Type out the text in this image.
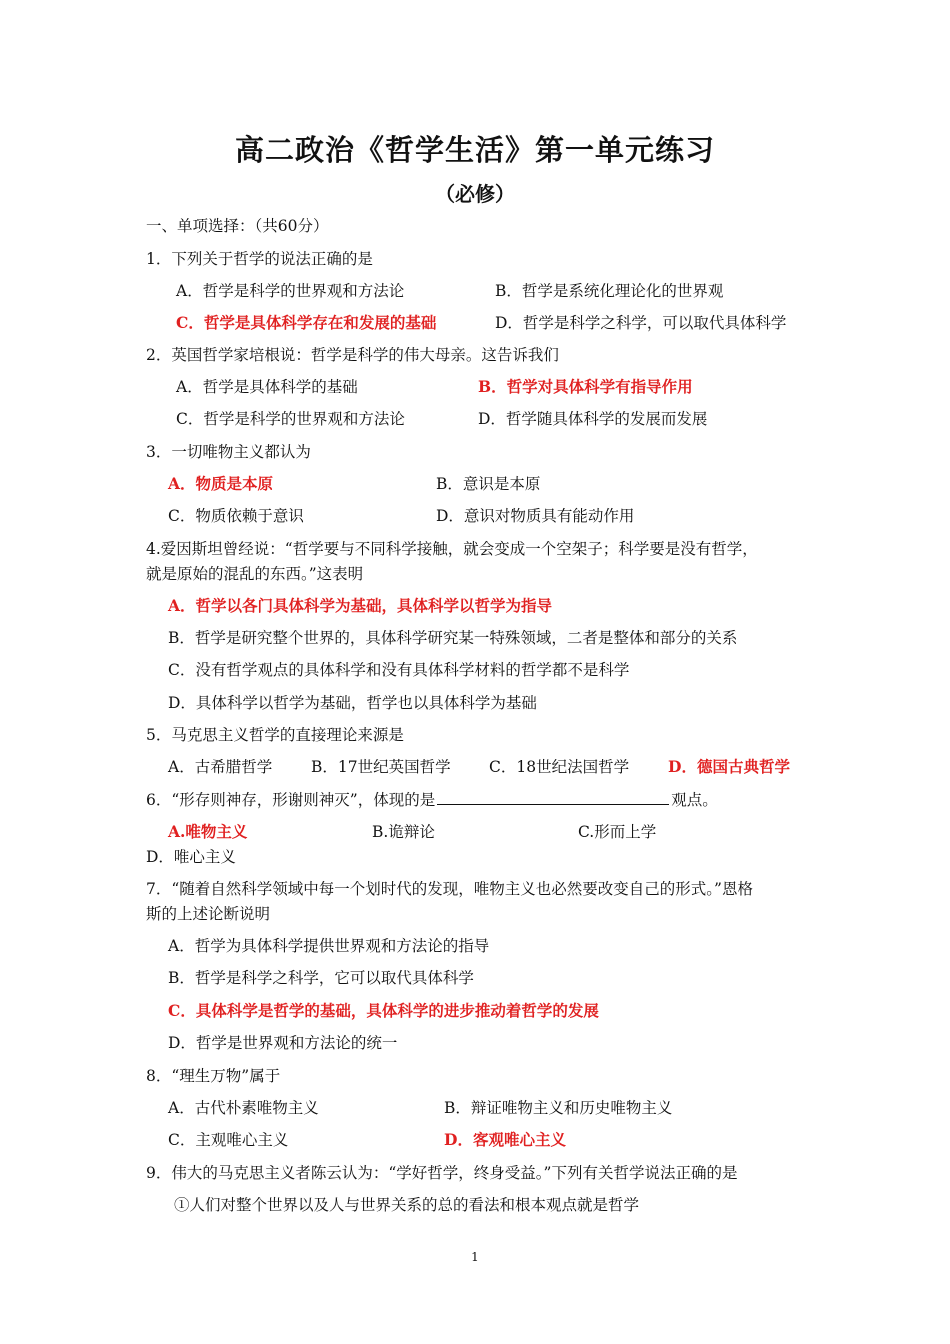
高二政治《哲学生活》第一单元练习
（必修）
一、单项选择：（共60分）
1．下列关于哲学的说法正确的是
A．哲学是科学的世界观和方法论	B．哲学是系统化理论化的世界观
C．哲学是具体科学存在和发展的基础	D．哲学是科学之科学，可以取代具体科学
2．英国哲学家培根说：哲学是科学的伟大母亲。这告诉我们
A．哲学是具体科学的基础	B．哲学对具体科学有指导作用
C．哲学是科学的世界观和方法论	D．哲学随具体科学的发展而发展
3．一切唯物主义都认为
A．物质是本原	B．意识是本原
C．物质依赖于意识	D．意识对物质具有能动作用
4.爱因斯坦曾经说：“哲学要与不同科学接触，就会变成一个空架子；科学要是没有哲学，
就是原始的混乱的东西。”这表明
A．哲学以各门具体科学为基础，具体科学以哲学为指导
B．哲学是研究整个世界的，具体科学研究某一特殊领域，二者是整体和部分的关系
C．没有哲学观点的具体科学和没有具体科学材料的哲学都不是科学
D．具体科学以哲学为基础，哲学也以具体科学为基础
5．马克思主义哲学的直接理论来源是
A．古希腊哲学	B．17世纪英国哲学 C．18世纪法国哲学	D．德国古典哲学
6．“形存则神存，形谢则神灭”，体现的是	观点。
A.唯物主义	B.诡辩论	C.形而上学
D．唯心主义
7．“随着自然科学领域中每一个划时代的发现，唯物主义也必然要改变自己的形式。”恩格
斯的上述论断说明
A．哲学为具体科学提供世界观和方法论的指导
B．哲学是科学之科学，它可以取代具体科学
C．具体科学是哲学的基础，具体科学的进步推动着哲学的发展
D．哲学是世界观和方法论的统一
8．“理生万物”属于
A．古代朴素唯物主义	B．辩证唯物主义和历史唯物主义
C．主观唯心主义	D．客观唯心主义
9．伟大的马克思主义者陈云认为：“学好哲学，终身受益。”下列有关哲学说法正确的是
①人们对整个世界以及人与世界关系的总的看法和根本观点就是哲学
1
